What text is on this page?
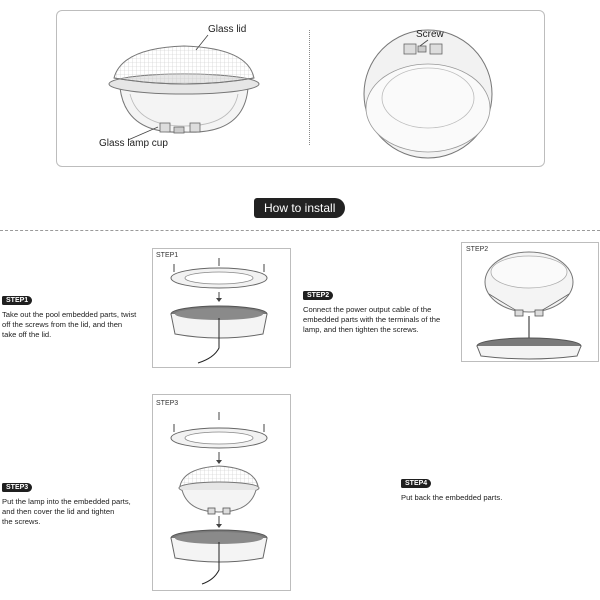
Glass lid
Glass lamp cup
Screw
How to install
STEP1
STEP2
STEP3
STEP1
Take out the pool embedded parts, twist
off the screws from the lid, and then
take off the lid.
STEP2
Connect the power output cable of the
embedded parts with the terminals of the
lamp, and then tighten the screws.
STEP3
Put the lamp into the embedded parts,
and then cover the lid and tighten
the screws.
STEP4
Put back the embedded parts.
